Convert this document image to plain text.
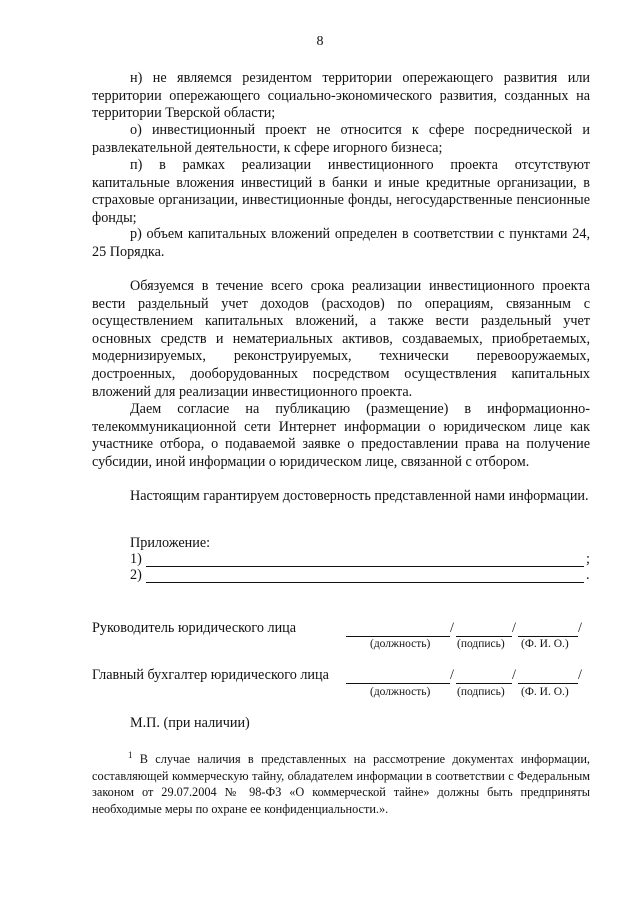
8

н) не являемся резидентом территории опережающего развития или территории опережающего социально-экономического развития, созданных на территории Тверской области;

о) инвестиционный проект не относится к сфере посреднической и развлекательной деятельности, к сфере игорного бизнеса;

п) в рамках реализации инвестиционного проекта отсутствуют капитальные вложения инвестиций в банки и иные кредитные организации, в страховые организации, инвестиционные фонды, негосударственные пенсионные фонды;

р) объем капитальных вложений определен в соответствии с пунктами 24, 25 Порядка.

Обязуемся в течение всего срока реализации инвестиционного проекта вести раздельный учет доходов (расходов) по операциям, связанным с осуществлением капитальных вложений, а также вести раздельный учет основных средств и нематериальных активов, создаваемых, приобретаемых, модернизируемых, реконструируемых, технически перевооружаемых, достроенных, дооборудованных посредством осуществления капитальных вложений для реализации инвестиционного проекта.

Даем согласие на публикацию (размещение) в информационно-телекоммуникационной сети Интернет информации о юридическом лице как участнике отбора, о подаваемой заявке о предоставлении права на получение субсидии, иной информации о юридическом лице, связанной с отбором.

Настоящим гарантируем достоверность представленной нами информации.

Приложение:
1)	;
2)	.
Руководитель юридического лица	/	/	/
(должность) (подпись) (Ф. И. О.)
Главный бухгалтер юридического лица	/	/	/
(должность) (подпись) (Ф. И. О.)
М.П. (при наличии)

$^1$ В случае наличия в представленных на рассмотрение документах информации, составляющей коммерческую тайну, обладателем информации в соответствии с Федеральным законом от 29.07.2004 № 98-ФЗ «О коммерческой тайне» должны быть предприняты необходимые меры по охране ее конфиденциальности.».
